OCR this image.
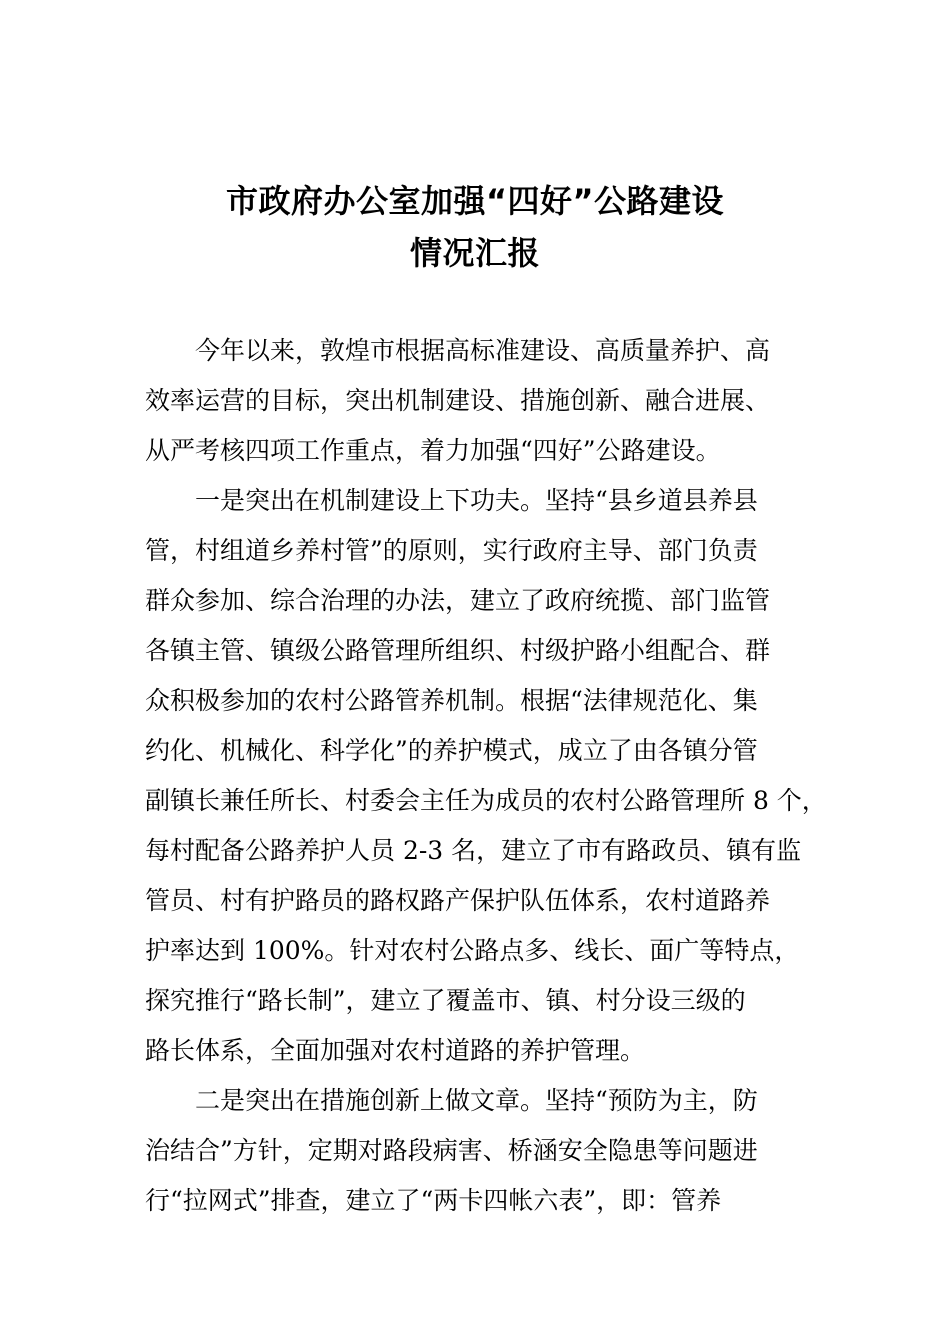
市政府办公室加强“四好”公路建设
情况汇报
今年以来，敦煌市根据高标准建设、高质量养护、高
效率运营的目标，突出机制建设、措施创新、融合进展、
从严考核四项工作重点，着力加强“四好”公路建设。
一是突出在机制建设上下功夫。坚持“县乡道县养县
管，村组道乡养村管”的原则，实行政府主导、部门负责
群众参加、综合治理的办法，建立了政府统揽、部门监管
各镇主管、镇级公路管理所组织、村级护路小组配合、群
众积极参加的农村公路管养机制。根据“法律规范化、集
约化、机械化、科学化”的养护模式，成立了由各镇分管
副镇长兼任所长、村委会主任为成员的农村公路管理所 8 个，
每村配备公路养护人员 2-3 名，建立了市有路政员、镇有监
管员、村有护路员的路权路产保护队伍体系，农村道路养
护率达到 100%。针对农村公路点多、线长、面广等特点，
探究推行“路长制”，建立了覆盖市、镇、村分设三级的
路长体系，全面加强对农村道路的养护管理。
二是突出在措施创新上做文章。坚持“预防为主，防
治结合”方针，定期对路段病害、桥涵安全隐患等问题进
行“拉网式”排查，建立了“两卡四帐六表”，即：管养
